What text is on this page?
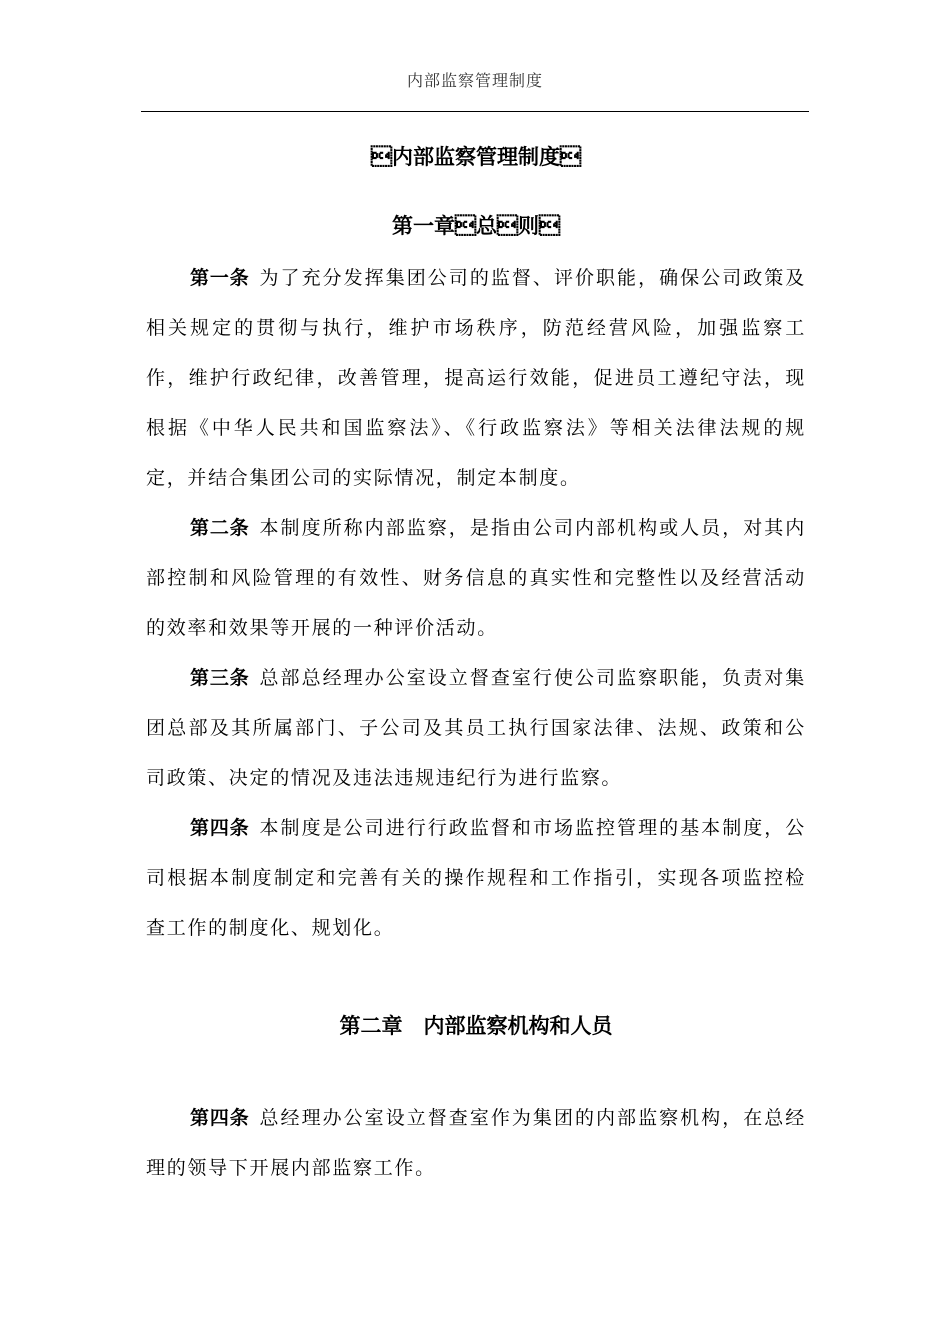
内部监察管理制度
内部监察管理制度
第一章总则

第一条 为了充分发挥集团公司的监督、评价职能，确保公司政策及相关规定的贯彻与执行，维护市场秩序，防范经营风险，加强监察工作，维护行政纪律，改善管理，提高运行效能，促进员工遵纪守法，现根据《中华人民共和国监察法》、《行政监察法》等相关法律法规的规定，并结合集团公司的实际情况，制定本制度。

第二条 本制度所称内部监察，是指由公司内部机构或人员，对其内部控制和风险管理的有效性、财务信息的真实性和完整性以及经营活动的效率和效果等开展的一种评价活动。

第三条 总部总经理办公室设立督查室行使公司监察职能，负责对集团总部及其所属部门、子公司及其员工执行国家法律、法规、政策和公司政策、决定的情况及违法违规违纪行为进行监察。

第四条 本制度是公司进行行政监督和市场监控管理的基本制度，公司根据本制度制定和完善有关的操作规程和工作指引，实现各项监控检查工作的制度化、规划化。

第二章　内部监察机构和人员

第四条 总经理办公室设立督查室作为集团的内部监察机构，在总经理的领导下开展内部监察工作。
